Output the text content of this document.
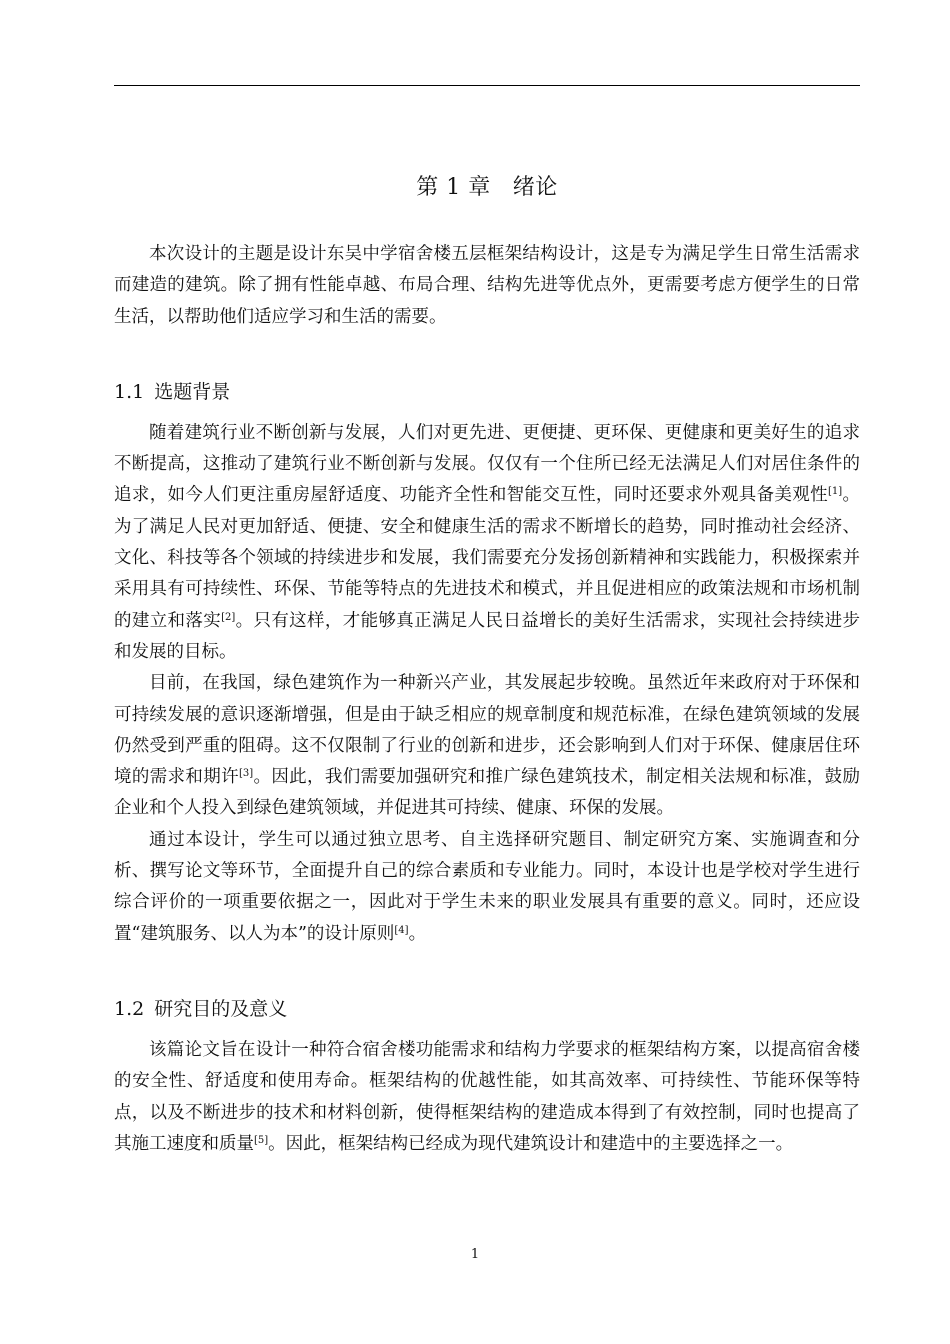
第 1 章 绪论

本次设计的主题是设计东吴中学宿舍楼五层框架结构设计，这是专为满足学生日常生活需求而建造的建筑。除了拥有性能卓越、布局合理、结构先进等优点外，更需要考虑方便学生的日常生活，以帮助他们适应学习和生活的需要。

1.1 选题背景

随着建筑行业不断创新与发展，人们对更先进、更便捷、更环保、更健康和更美好生的追求不断提高，这推动了建筑行业不断创新与发展。仅仅有一个住所已经无法满足人们对居住条件的追求，如今人们更注重房屋舒适度、功能齐全性和智能交互性，同时还要求外观具备美观性[1]。为了满足人民对更加舒适、便捷、安全和健康生活的需求不断增长的趋势，同时推动社会经济、文化、科技等各个领域的持续进步和发展，我们需要充分发扬创新精神和实践能力，积极探索并采用具有可持续性、环保、节能等特点的先进技术和模式，并且促进相应的政策法规和市场机制的建立和落实[2]。只有这样，才能够真正满足人民日益增长的美好生活需求，实现社会持续进步和发展的目标。

目前，在我国，绿色建筑作为一种新兴产业，其发展起步较晚。虽然近年来政府对于环保和可持续发展的意识逐渐增强，但是由于缺乏相应的规章制度和规范标准，在绿色建筑领域的发展仍然受到严重的阻碍。这不仅限制了行业的创新和进步，还会影响到人们对于环保、健康居住环境的需求和期许[3]。因此，我们需要加强研究和推广绿色建筑技术，制定相关法规和标准，鼓励企业和个人投入到绿色建筑领域，并促进其可持续、健康、环保的发展。

通过本设计，学生可以通过独立思考、自主选择研究题目、制定研究方案、实施调查和分析、撰写论文等环节，全面提升自己的综合素质和专业能力。同时，本设计也是学校对学生进行综合评价的一项重要依据之一，因此对于学生未来的职业发展具有重要的意义。同时，还应设置“建筑服务、以人为本”的设计原则[4]。

1.2 研究目的及意义

该篇论文旨在设计一种符合宿舍楼功能需求和结构力学要求的框架结构方案，以提高宿舍楼的安全性、舒适度和使用寿命。框架结构的优越性能，如其高效率、可持续性、节能环保等特点，以及不断进步的技术和材料创新，使得框架结构的建造成本得到了有效控制，同时也提高了其施工速度和质量[5]。因此，框架结构已经成为现代建筑设计和建造中的主要选择之一。

1
